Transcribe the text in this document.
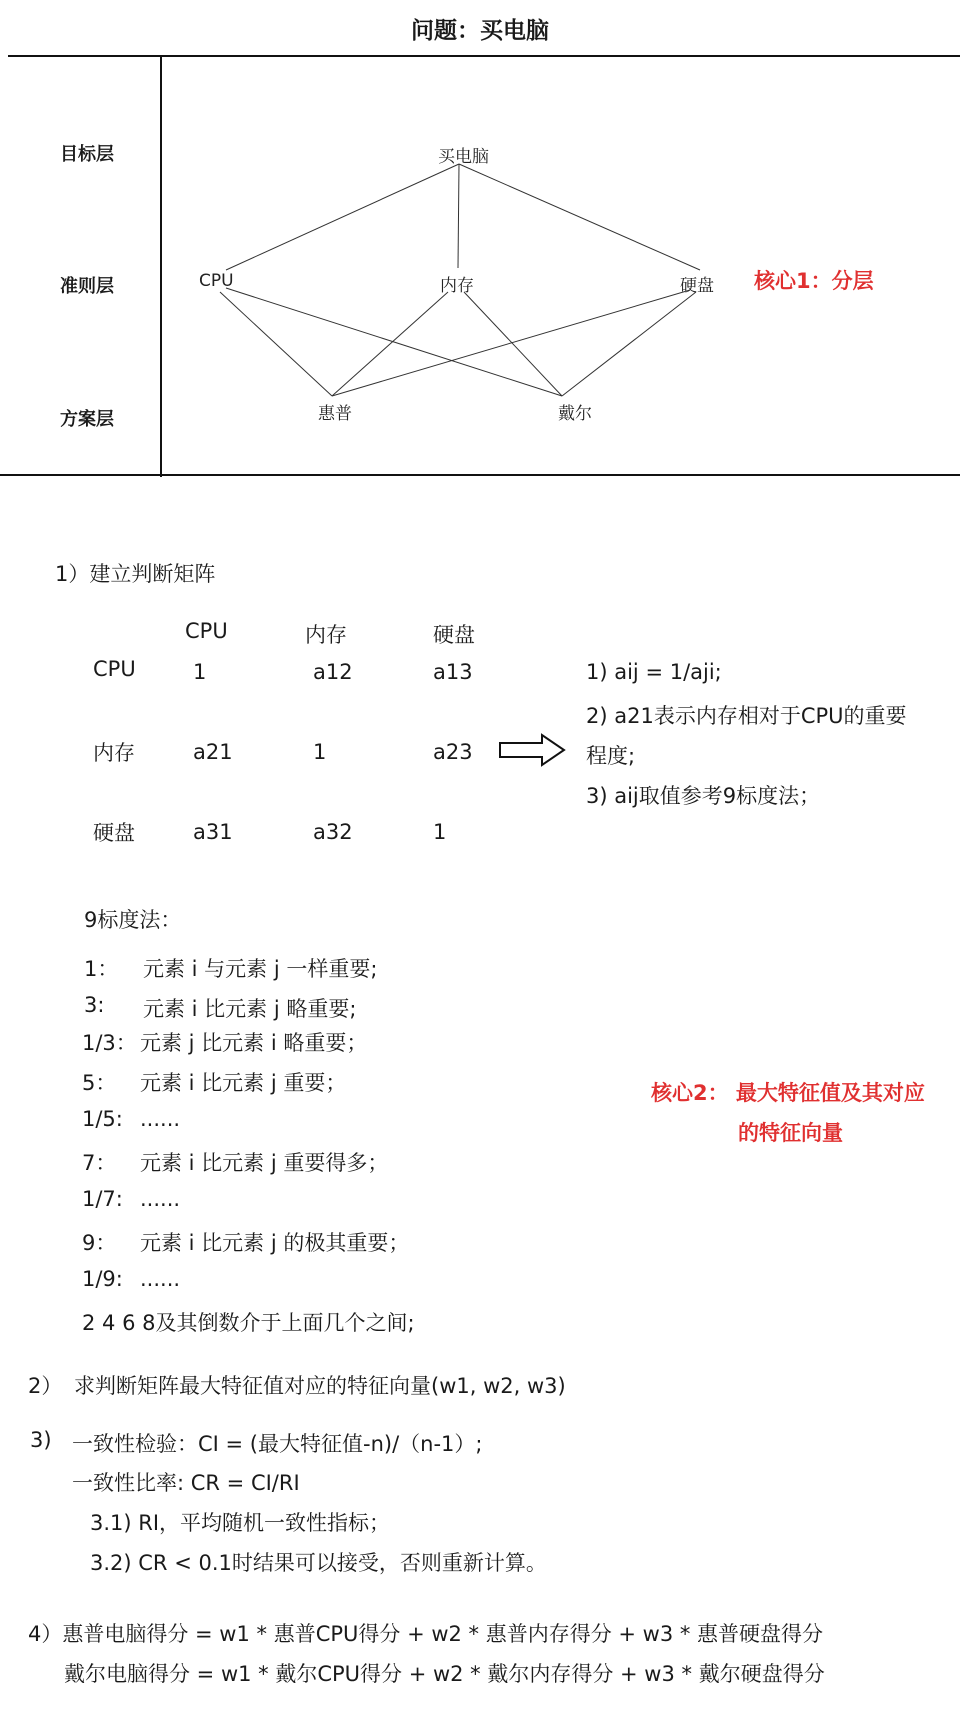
问题：买电脑
目标层
准则层
方案层
买电脑
CPU	内存	硬盘
惠普	戴尔
核心1：分层
1）建立判断矩阵
CPU	内存	硬盘
CPU	1	a12	a13
内存	a21	1	a23
硬盘	a31	a32	1
1) aij = 1/aji;
2) a21表示内存相对于CPU的重要
程度;
3) aij取值参考9标度法；
9标度法：
1： 元素 i 与元素 j 一样重要;
3: 元素 i 比元素 j 略重要;
1/3： 元素 j 比元素 i 略重要；
5： 元素 i 比元素 j 重要；
1/5: ......
7： 元素 i 比元素 j 重要得多；
1/7: ......
9： 元素 i 比元素 j 的极其重要；
1/9: ......
2 4 6 8及其倒数介于上面几个之间;
核心2： 最大特征值及其对应
的特征向量
2） 求判断矩阵最大特征值对应的特征向量(w1, w2, w3)
3) 一致性检验：CI = (最大特征值-n)/（n-1）;
一致性比率: CR = CI/RI
3.1) RI，平均随机一致性指标；
3.2) CR < 0.1时结果可以接受，否则重新计算。
4）惠普电脑得分 = w1 * 惠普CPU得分 + w2 * 惠普内存得分 + w3 * 惠普硬盘得分
戴尔电脑得分 = w1 * 戴尔CPU得分 + w2 * 戴尔内存得分 + w3 * 戴尔硬盘得分
